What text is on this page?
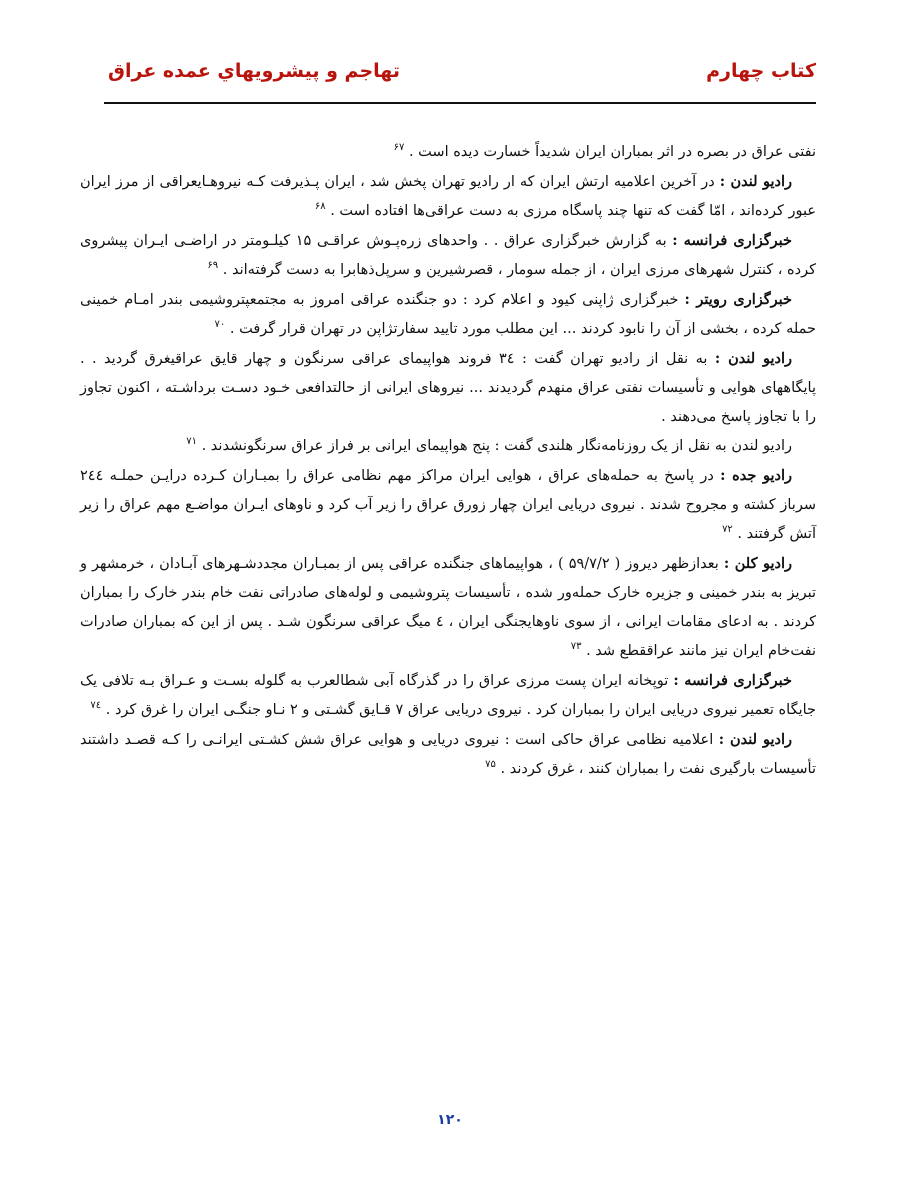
كتاب چهارم
تهاجم و پيشرويهاي عمده عراق

نفتی عراق در بصره در اثر بمباران ایران شدیداً خسارت دیده است . $^{۶۷}$

رادیو لندن : در آخرین اعلامیه ارتش ایران که ار رادیو تهران پخش شد ، ایران پـذیرفت کـه نیروهـایعراقی از مرز ایران عبور کرده‌اند ، امّا گفت که تنها چند پاسگاه مرزی به دست عراقی‌ها افتاده است . $^{۶۸}$

خبرگزاری فرانسه : به گزارش خبرگزاری عراق . . واحدهای زره‌پـوش عراقـی ۱۵ کیلـومتر در اراضـی ایـران پیشروی کرده ، کنترل شهرهای مرزی ایران ، از جمله سومار ، قصرشیرین و سرپل‌ذهابرا به دست گرفته‌اند . $^{۶۹}$

خبرگزاری رویتر : خبرگزاری ژاپنی کیود و اعلام کرد : دو جنگنده عراقی امروز به مجتمعپتروشیمی بندر امـام خمینی حمله کرده ، بخشی از آن را نابود کردند ... این مطلب مورد تایید سفارتژاپن در تهران قرار گرفت . $^{۷۰}$

رادیو لندن : به نقل از رادیو تهران گفت : ۳٤ فروند هواپیمای عراقی سرنگون و چهار قایق عراقیغرق گردید . . پایگاههای هوایی و تأسیسات نفتی عراق منهدم گردیدند ... نیروهای ایرانی از حالتدافعی خـود دسـت برداشـته ، اکنون تجاوز را با تجاوز پاسخ می‌دهند .

رادیو لندن به نقل از یک روزنامه‌نگار هلندی گفت : پنج هواپیمای ایرانی بر فراز عراق سرنگونشدند . $^{۷۱}$

رادیو جده : در پاسخ به حمله‌های عراق ، هوایی ایران مراکز مهم نظامی عراق را بمبـاران کـرده درایـن حملـه ۲٤٤ سرباز کشته و مجروح شدند . نیروی دریایی ایران چهار زورق عراق را زیر آب کرد و ناوهای ایـران مواضـع مهم عراق را زیر آتش گرفتند . $^{۷۲}$

رادیو کلن : بعدازظهر دیروز ( ۵۹/۷/۲ ) ، هواپیماهای جنگنده عراقی پس از بمبـاران مجددشـهرهای آبـادان ، خرمشهر و تبریز به بندر خمینی و جزیره خارک حمله‌ور شده ، تأسیسات پتروشیمی و لوله‌های صادراتی نفت خام بندر خارک را بمباران کردند . به ادعای مقامات ایرانی ، از سوی ناوهایجنگی ایران ، ٤ میگ عراقی سرنگون شـد . پس از این که بمباران صادرات نفت‌خام ایران نیز مانند عراققطع شد . $^{۷۳}$

خبرگزاری فرانسه : توپخانه ایران پست مرزی عراق را در گذرگاه آبی شطالعرب به گلوله بسـت و عـراق بـه تلافی یک جایگاه تعمیر نیروی دریایی ایران را بمباران کرد . نیروی دریایی عراق ۷ قـایق گشـتی و ۲ نـاو جنگـی ایران را غرق کرد . $^{۷٤}$

رادیو لندن : اعلامیه نظامی عراق حاکی است : نیروی دریایی و هوایی عراق شش کشـتی ایرانـی را کـه قصـد داشتند تأسیسات بارگیری نفت را بمباران کنند ، غرق کردند . $^{۷۵}$

۱۲۰
